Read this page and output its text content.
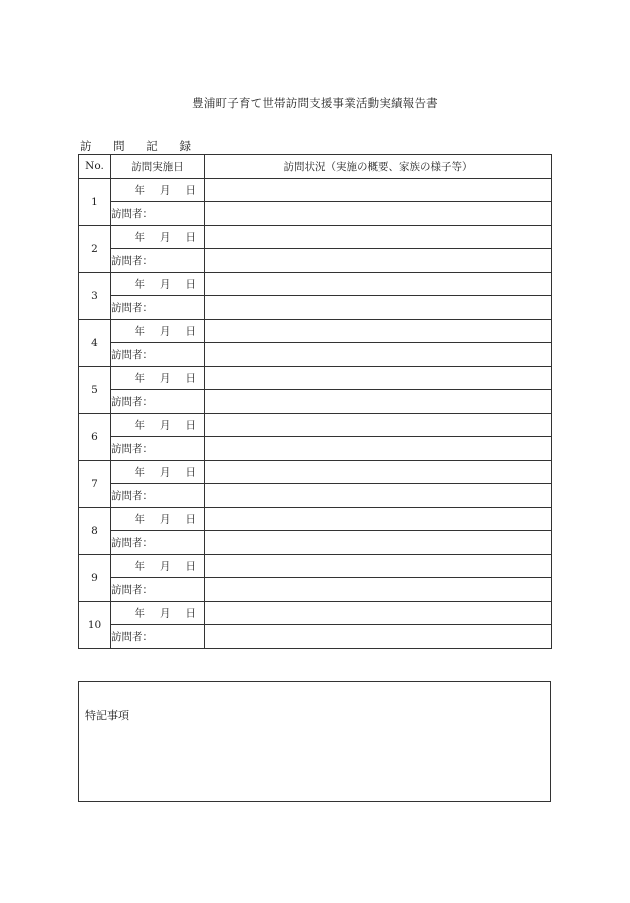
豊浦町子育て世帯訪問支援事業活動実績報告書
訪 問 記 録
No.	訪問実施日	訪問状況（実施の概要、家族の様子等）
1	年 月 日	

	訪問者：	
2	年 月 日	

	訪問者：	
3	年 月 日	

	訪問者：	
4	年 月 日	

	訪問者：	
5	年 月 日	

	訪問者：	
6	年 月 日	

	訪問者：	
7	年 月 日	

	訪問者：	
8	年 月 日	

	訪問者：	
9	年 月 日	

	訪問者：	
10	年 月 日	

	訪問者：	
特記事項
